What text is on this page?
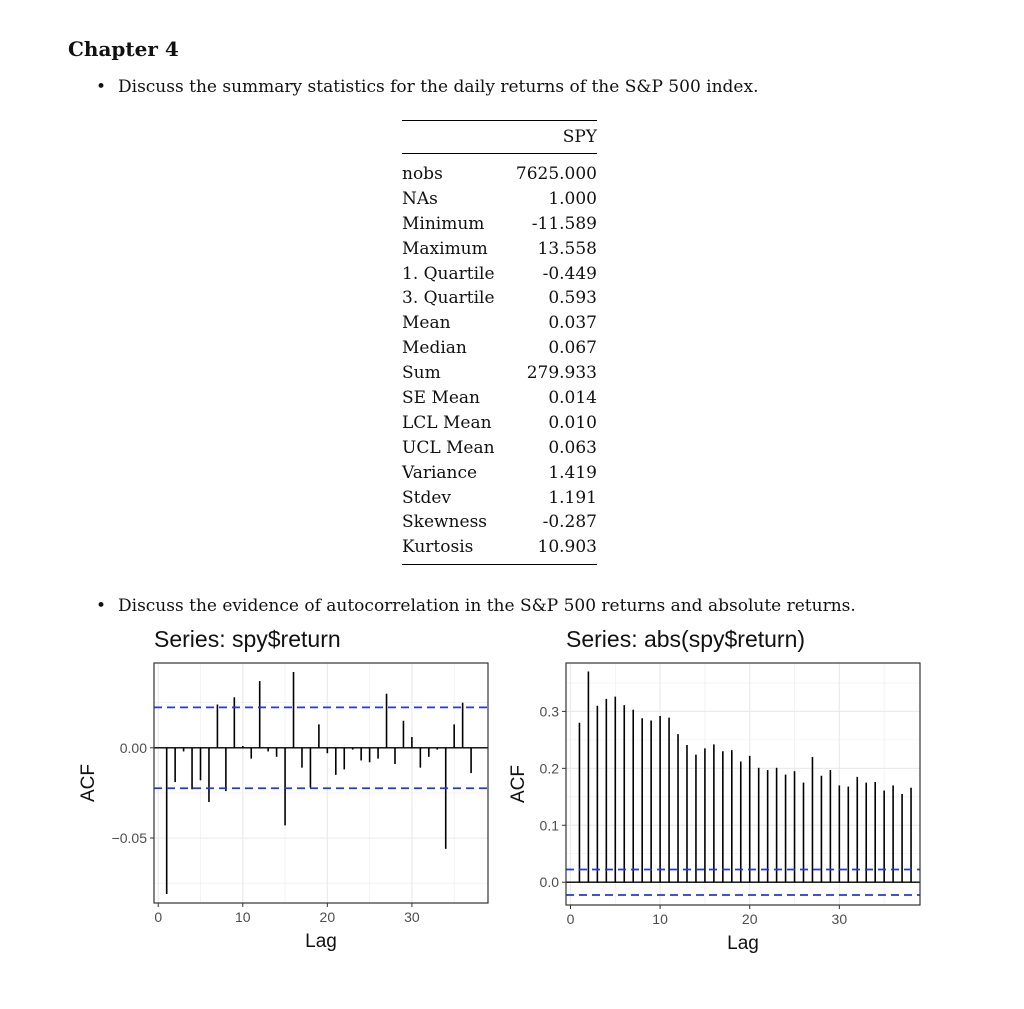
Chapter 4
• Discuss the summary statistics for the daily returns of the S&P 500 index.
SPY
nobs	7625.000
NAs	1.000
Minimum	-11.589
Maximum	13.558
1. Quartile	-0.449
3. Quartile	0.593
Mean	0.037
Median	0.067
Sum	279.933
SE Mean	0.014
LCL Mean	0.010
UCL Mean	0.063
Variance	1.419
Stdev	1.191
Skewness	-0.287
Kurtosis	10.903
• Discuss the evidence of autocorrelation in the S&P 500 returns and absolute returns.
Series: spy$return
0	10	20	30
−0.05
0.00
Lag
ACF
Series: abs(spy$return)
0	10	20	30
0.0
0.1
0.2
0.3
Lag
ACF
